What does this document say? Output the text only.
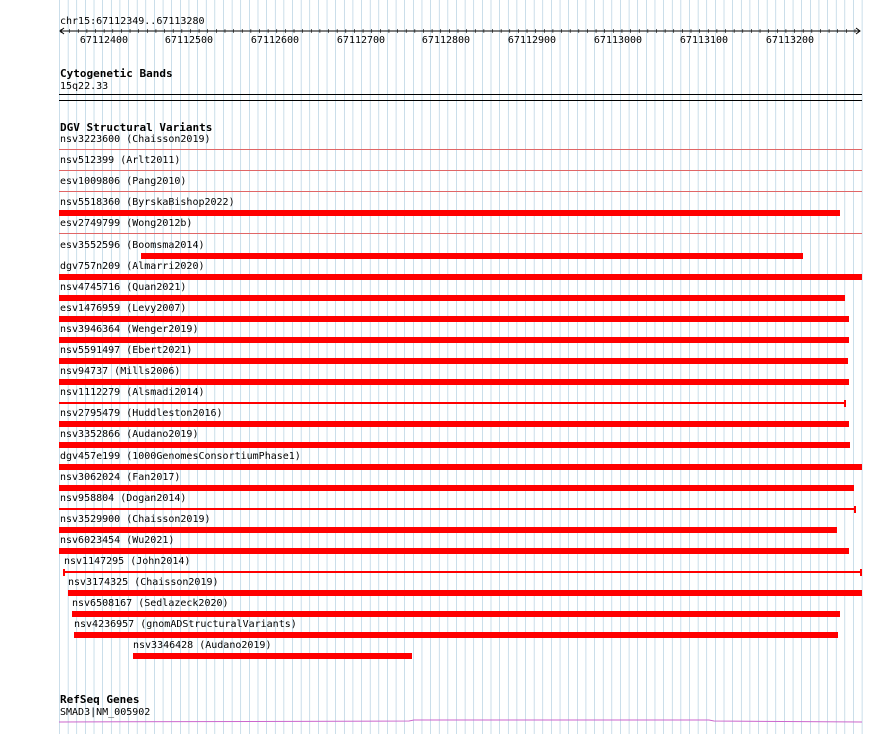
chr15:67112349..67113280
67112400	67112500	67112600	67112700	67112800	67112900	67113000	67113100	67113200
Cytogenetic Bands
15q22.33
DGV Structural Variants
nsv3223600 (Chaisson2019)
nsv512399 (Arlt2011)
esv1009806 (Pang2010)
nsv5518360 (ByrskaBishop2022)
esv2749799 (Wong2012b)
esv3552596 (Boomsma2014)
dgv757n209 (Almarri2020)
nsv4745716 (Quan2021)
esv1476959 (Levy2007)
nsv3946364 (Wenger2019)
nsv5591497 (Ebert2021)
nsv94737 (Mills2006)
nsv1112279 (Alsmadi2014)
nsv2795479 (Huddleston2016)
nsv3352866 (Audano2019)
dgv457e199 (1000GenomesConsortiumPhase1)
nsv3062024 (Fan2017)
nsv958804 (Dogan2014)
nsv3529900 (Chaisson2019)
nsv6023454 (Wu2021)
nsv1147295 (John2014)
nsv3174325 (Chaisson2019)
nsv6508167 (Sedlazeck2020)
nsv4236957 (gnomADStructuralVariants)
nsv3346428 (Audano2019)
RefSeq Genes
SMAD3|NM_005902
